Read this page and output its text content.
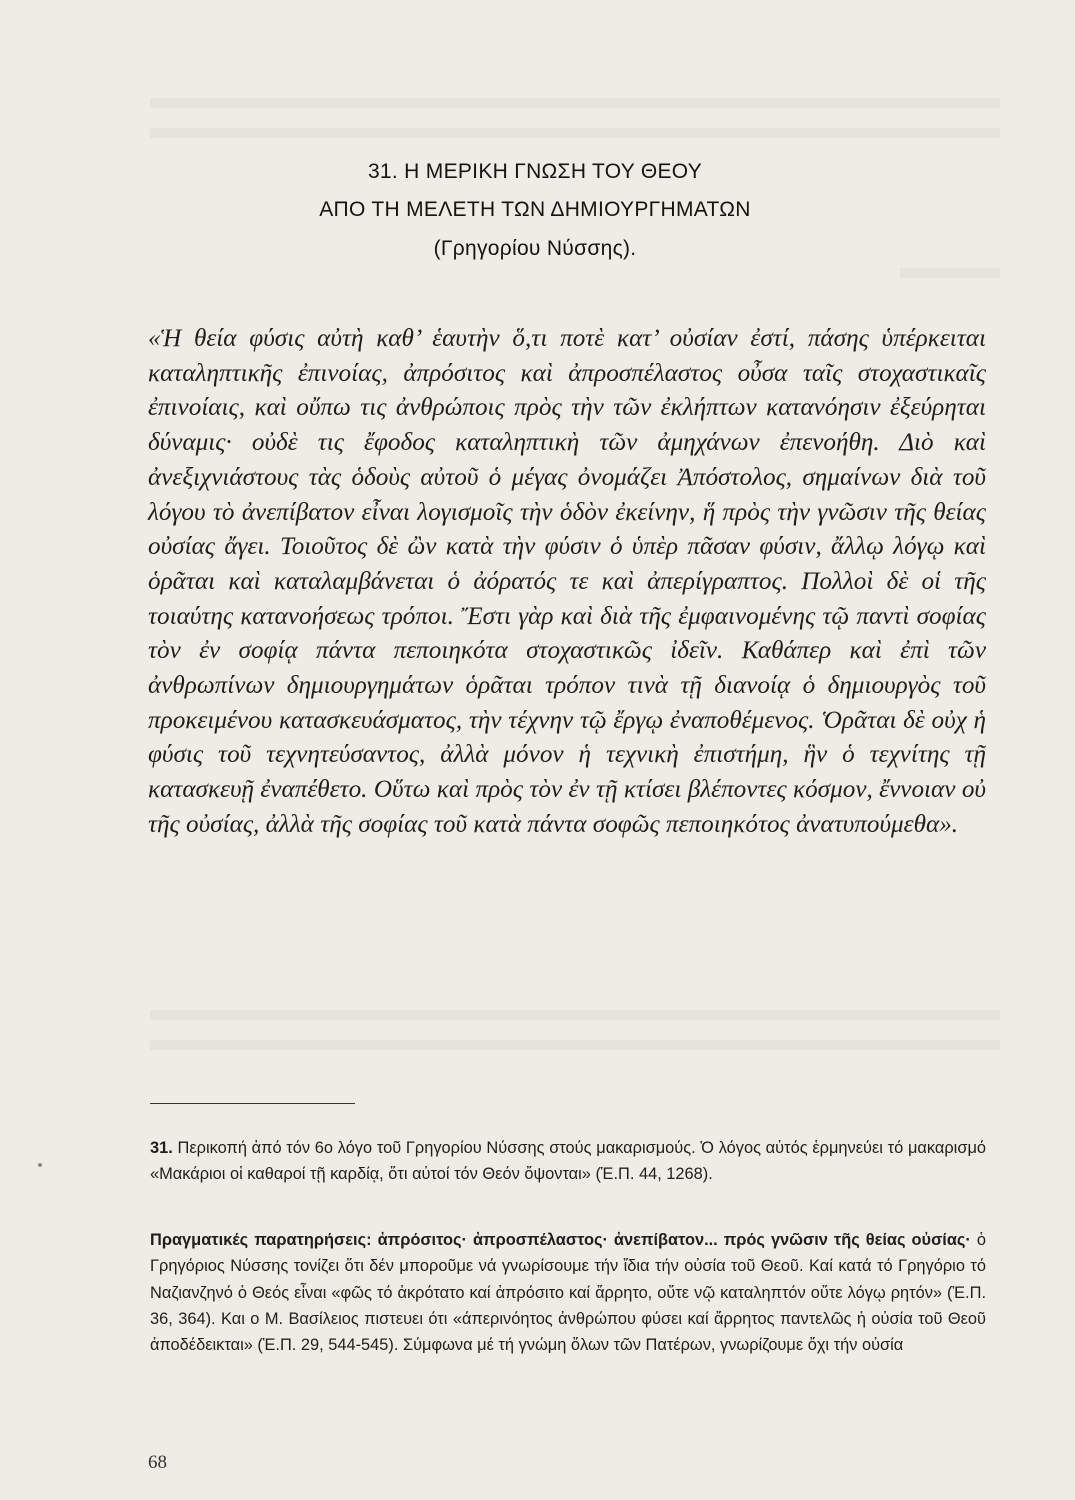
31. Η ΜΕΡΙΚΗ ΓΝΩΣΗ ΤΟΥ ΘΕΟΥ
ΑΠΟ ΤΗ ΜΕΛΕΤΗ ΤΩΝ ΔΗΜΙΟΥΡΓΗΜΑΤΩΝ
(Γρηγορίου Νύσσης).

«Ἡ θεία φύσις αὐτὴ καθ’ ἑαυτὴν ὅ,τι ποτὲ κατ’ οὐσίαν ἐστί, πάσης ὑπέρκειται καταληπτικῆς ἐπινοίας, ἀπρόσιτος καὶ ἀπροσπέλαστος οὖσα ταῖς στοχαστικαῖς ἐπινοίαις, καὶ οὔπω τις ἀνθρώποις πρὸς τὴν τῶν ἐκλήπτων κατανόησιν ἐξεύρηται δύναμις· οὐδὲ τις ἔφοδος καταληπτικὴ τῶν ἀμηχάνων ἐπενοήθη. Διὸ καὶ ἀνεξιχνιάστους τὰς ὁδοὺς αὐτοῦ ὁ μέγας ὀνομάζει Ἀπόστολος, σημαίνων διὰ τοῦ λόγου τὸ ἀνεπίβατον εἶναι λογισμοῖς τὴν ὁδὸν ἐκείνην, ἥ πρὸς τὴν γνῶσιν τῆς θείας οὐσίας ἄγει. Τοιοῦτος δὲ ὢν κατὰ τὴν φύσιν ὁ ὑπὲρ πᾶσαν φύσιν, ἄλλῳ λόγῳ καὶ ὁρᾶται καὶ καταλαμβάνεται ὁ ἀόρατός τε καὶ ἀπερίγραπτος. Πολλοὶ δὲ οἱ τῆς τοιαύτης κατανοήσεως τρόποι. Ἔστι γὰρ καὶ διὰ τῆς ἐμφαινομένης τῷ παντὶ σοφίας τὸν ἐν σοφίᾳ πάντα πεποιηκότα στοχαστικῶς ἰδεῖν. Καθάπερ καὶ ἐπὶ τῶν ἀνθρωπίνων δημιουργημάτων ὁρᾶται τρόπον τινὰ τῇ διανοίᾳ ὁ δημιουργὸς τοῦ προκειμένου κατασκευάσματος, τὴν τέχνην τῷ ἔργῳ ἐναποθέμενος. Ὁρᾶται δὲ οὐχ ἡ φύσις τοῦ τεχνητεύσαντος, ἀλλὰ μόνον ἡ τεχνικὴ ἐπιστήμη, ἣν ὁ τεχνίτης τῇ κατασκευῇ ἐναπέθετο. Οὕτω καὶ πρὸς τὸν ἐν τῇ κτίσει βλέποντες κόσμον, ἔννοιαν οὐ τῆς οὐσίας, ἀλλὰ τῆς σοφίας τοῦ κατὰ πάντα σοφῶς πεποιηκότος ἀνατυπούμεθα».

31. Περικοπή ἀπό τόν 6ο λόγο τοῦ Γρηγορίου Νύσσης στούς μακαρισμούς. Ὁ λόγος αὐτός ἑρμηνεύει τό μακαρισμό «Μακάριοι οἱ καθαροί τῇ καρδίᾳ, ὅτι αὐτοί τόν Θεόν ὄψονται» (Ἑ.Π. 44, 1268).

Πραγματικές παρατηρήσεις: ἀπρόσιτος· ἀπροσπέλαστος· ἀνεπίβατον... πρός γνῶσιν τῆς θείας οὐσίας· ὁ Γρηγόριος Νύσσης τονίζει ὅτι δέν μποροῦμε νά γνωρίσουμε τήν ἴδια τήν οὐσία τοῦ Θεοῦ. Καί κατά τό Γρηγόριο τό Ναζιανζηνό ὁ Θεός εἶναι «φῶς τό ἀκρότατο καί ἀπρόσιτο καί ἄρρητο, οὔτε νῷ καταληπτόν οὔτε λόγῳ ρητόν» (Ἑ.Π. 36, 364). Και ο Μ. Βασίλειος πιστευει ότι «άπερινόητος ἀνθρώπου φύσει καί ἄρρητος παντελῶς ἡ οὐσία τοῦ Θεοῦ ἀποδέδεικται» (Ἑ.Π. 29, 544-545). Σύμφωνα μέ τή γνώμη ὅλων τῶν Πατέρων, γνωρίζουμε ὄχι τήν οὐσία

68
